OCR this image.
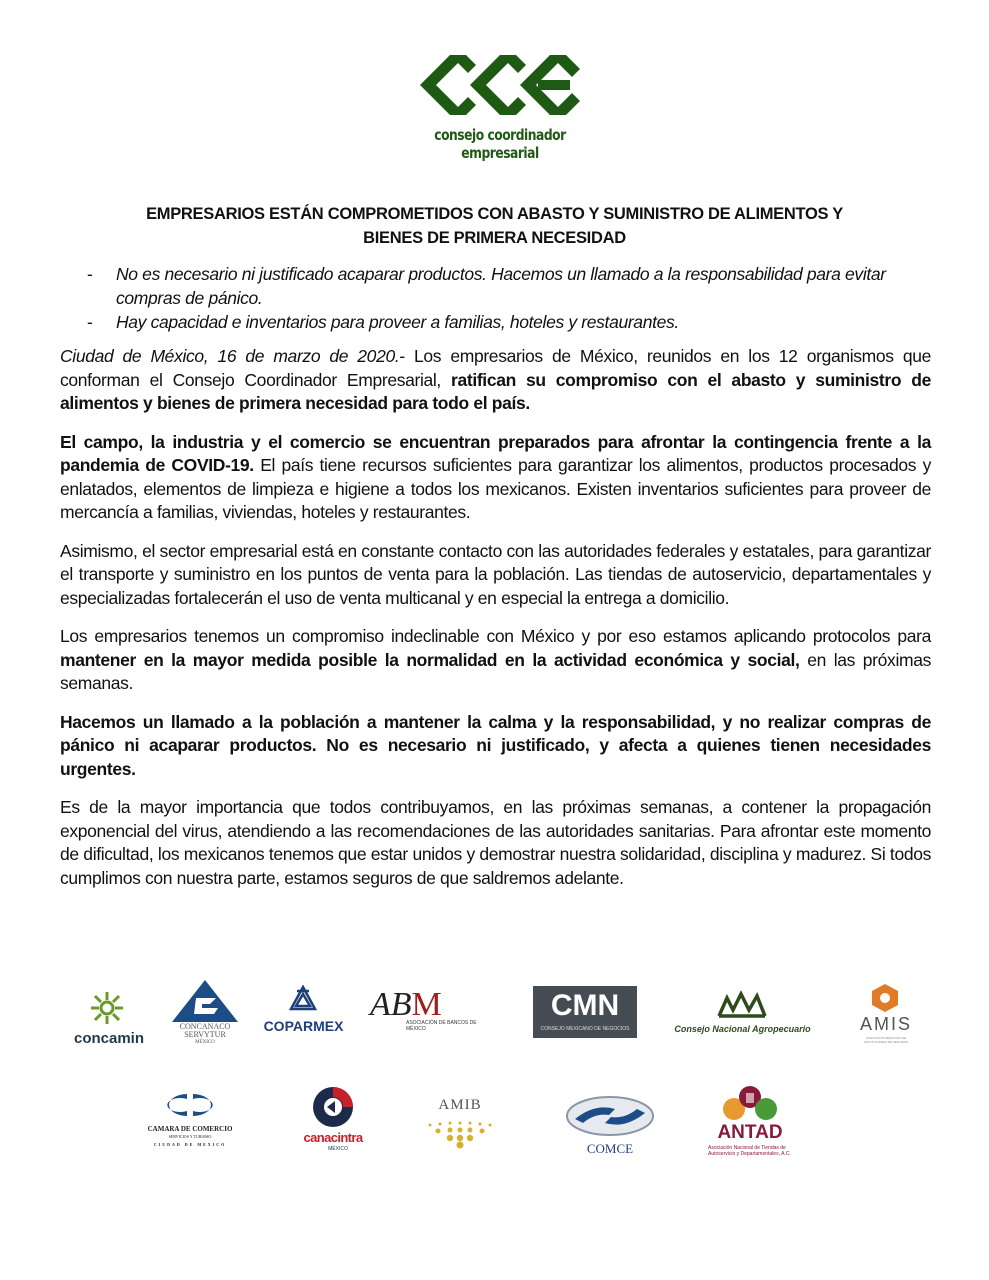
consejo coordinador empresarial
EMPRESARIOS ESTÁN COMPROMETIDOS CON ABASTO Y SUMINISTRO DE ALIMENTOS Y
BIENES DE PRIMERA NECESIDAD
- No es necesario ni justificado acaparar productos. Hacemos un llamado a la responsabilidad para evitar compras de pánico.
- Hay capacidad e inventarios para proveer a familias, hoteles y restaurantes.

Ciudad de México, 16 de marzo de 2020.- Los empresarios de México, reunidos en los 12 organismos que conforman el Consejo Coordinador Empresarial, ratifican su compromiso con el abasto y suministro de alimentos y bienes de primera necesidad para todo el país.

El campo, la industria y el comercio se encuentran preparados para afrontar la contingencia frente a la pandemia de COVID-19. El país tiene recursos suficientes para garantizar los alimentos, productos procesados y enlatados, elementos de limpieza e higiene a todos los mexicanos. Existen inventarios suficientes para proveer de mercancía a familias, viviendas, hoteles y restaurantes.

Asimismo, el sector empresarial está en constante contacto con las autoridades federales y estatales, para garantizar el transporte y suministro en los puntos de venta para la población. Las tiendas de autoservicio, departamentales y especializadas fortalecerán el uso de venta multicanal y en especial la entrega a domicilio.

Los empresarios tenemos un compromiso indeclinable con México y por eso estamos aplicando protocolos para mantener en la mayor medida posible la normalidad en la actividad económica y social, en las próximas semanas.

Hacemos un llamado a la población a mantener la calma y la responsabilidad, y no realizar compras de pánico ni acaparar productos. No es necesario ni justificado, y afecta a quienes tienen necesidades urgentes.

Es de la mayor importancia que todos contribuyamos, en las próximas semanas, a contener la propagación exponencial del virus, atendiendo a las recomendaciones de las autoridades sanitarias. Para afrontar este momento de dificultad, los mexicanos tenemos que estar unidos y demostrar nuestra solidaridad, disciplina y madurez. Si todos cumplimos con nuestra parte, estamos seguros de que saldremos adelante.

concamin
CONCANACO
SERVYTUR
MÉXICO
COPARMEX
ABM
ASOCIACIÓN DE BANCOS DE MÉXICO
CMN
CONSEJO MEXICANO DE NEGOCIOS	Consejo Nacional Agropecuario	AMIS
ASOCIACIÓN MEXICANA DE INSTITUCIONES DE SEGUROS
CAMARA DE COMERCIO
SERVICIOS Y TURISMO
CIUDAD DE MEXICO	canacintra
MÉXICO
AMIB
COMCE
ANTAD
Asociación Nacional de Tiendas de Autoservicio y Departamentales, A.C.
